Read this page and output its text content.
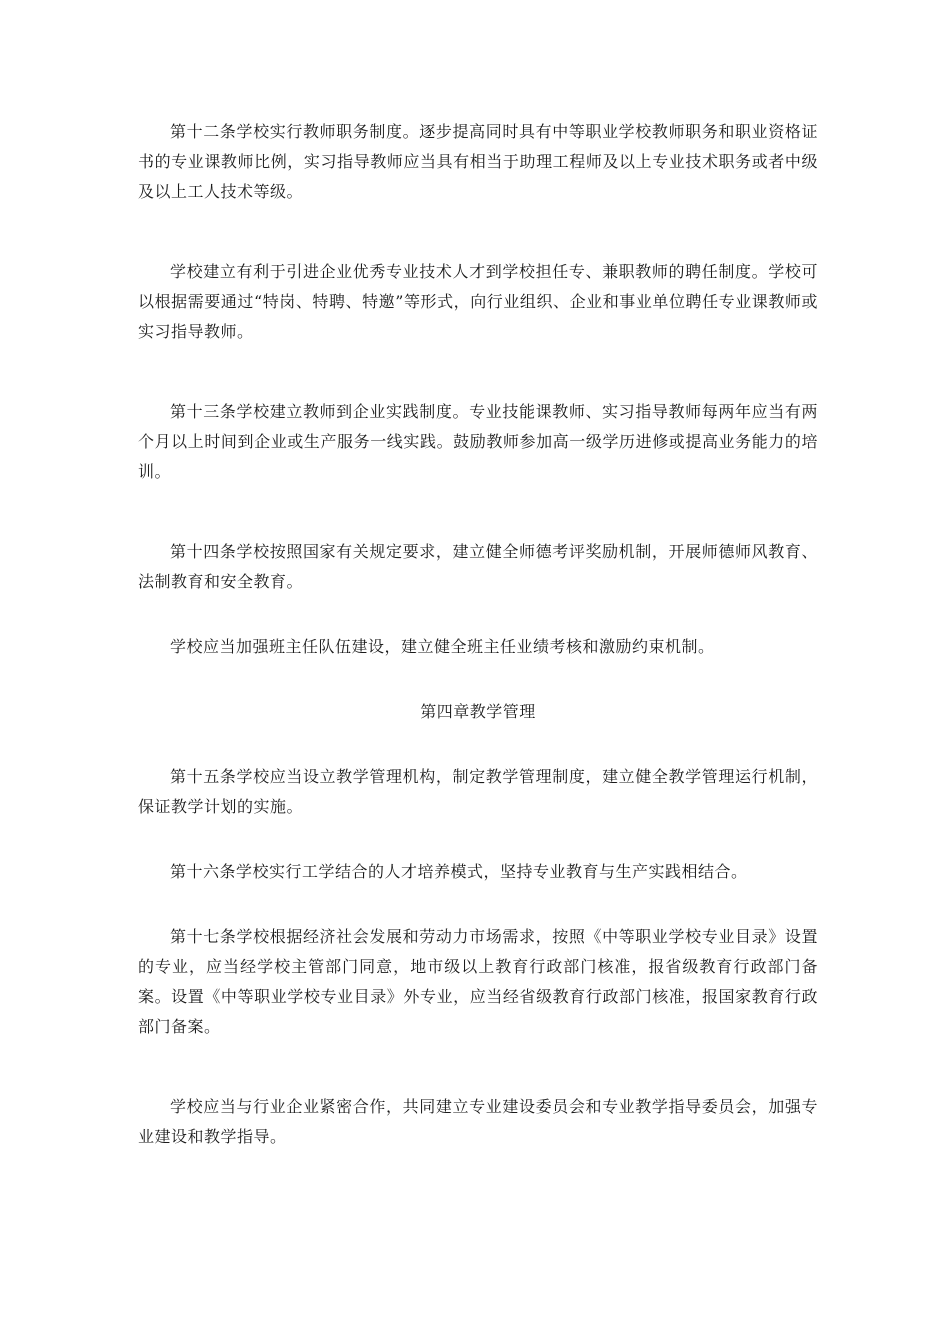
第十二条学校实行教师职务制度。逐步提高同时具有中等职业学校教师职务和职业资格证书的专业课教师比例，实习指导教师应当具有相当于助理工程师及以上专业技术职务或者中级及以上工人技术等级。

学校建立有利于引进企业优秀专业技术人才到学校担任专、兼职教师的聘任制度。学校可以根据需要通过“特岗、特聘、特邀”等形式，向行业组织、企业和事业单位聘任专业课教师或实习指导教师。

第十三条学校建立教师到企业实践制度。专业技能课教师、实习指导教师每两年应当有两个月以上时间到企业或生产服务一线实践。鼓励教师参加高一级学历进修或提高业务能力的培训。

第十四条学校按照国家有关规定要求，建立健全师德考评奖励机制，开展师德师风教育、法制教育和安全教育。

学校应当加强班主任队伍建设，建立健全班主任业绩考核和激励约束机制。

第四章教学管理

第十五条学校应当设立教学管理机构，制定教学管理制度，建立健全教学管理运行机制，保证教学计划的实施。

第十六条学校实行工学结合的人才培养模式，坚持专业教育与生产实践相结合。

第十七条学校根据经济社会发展和劳动力市场需求，按照《中等职业学校专业目录》设置的专业，应当经学校主管部门同意，地市级以上教育行政部门核准，报省级教育行政部门备案。设置《中等职业学校专业目录》外专业，应当经省级教育行政部门核准，报国家教育行政部门备案。

学校应当与行业企业紧密合作，共同建立专业建设委员会和专业教学指导委员会，加强专业建设和教学指导。
